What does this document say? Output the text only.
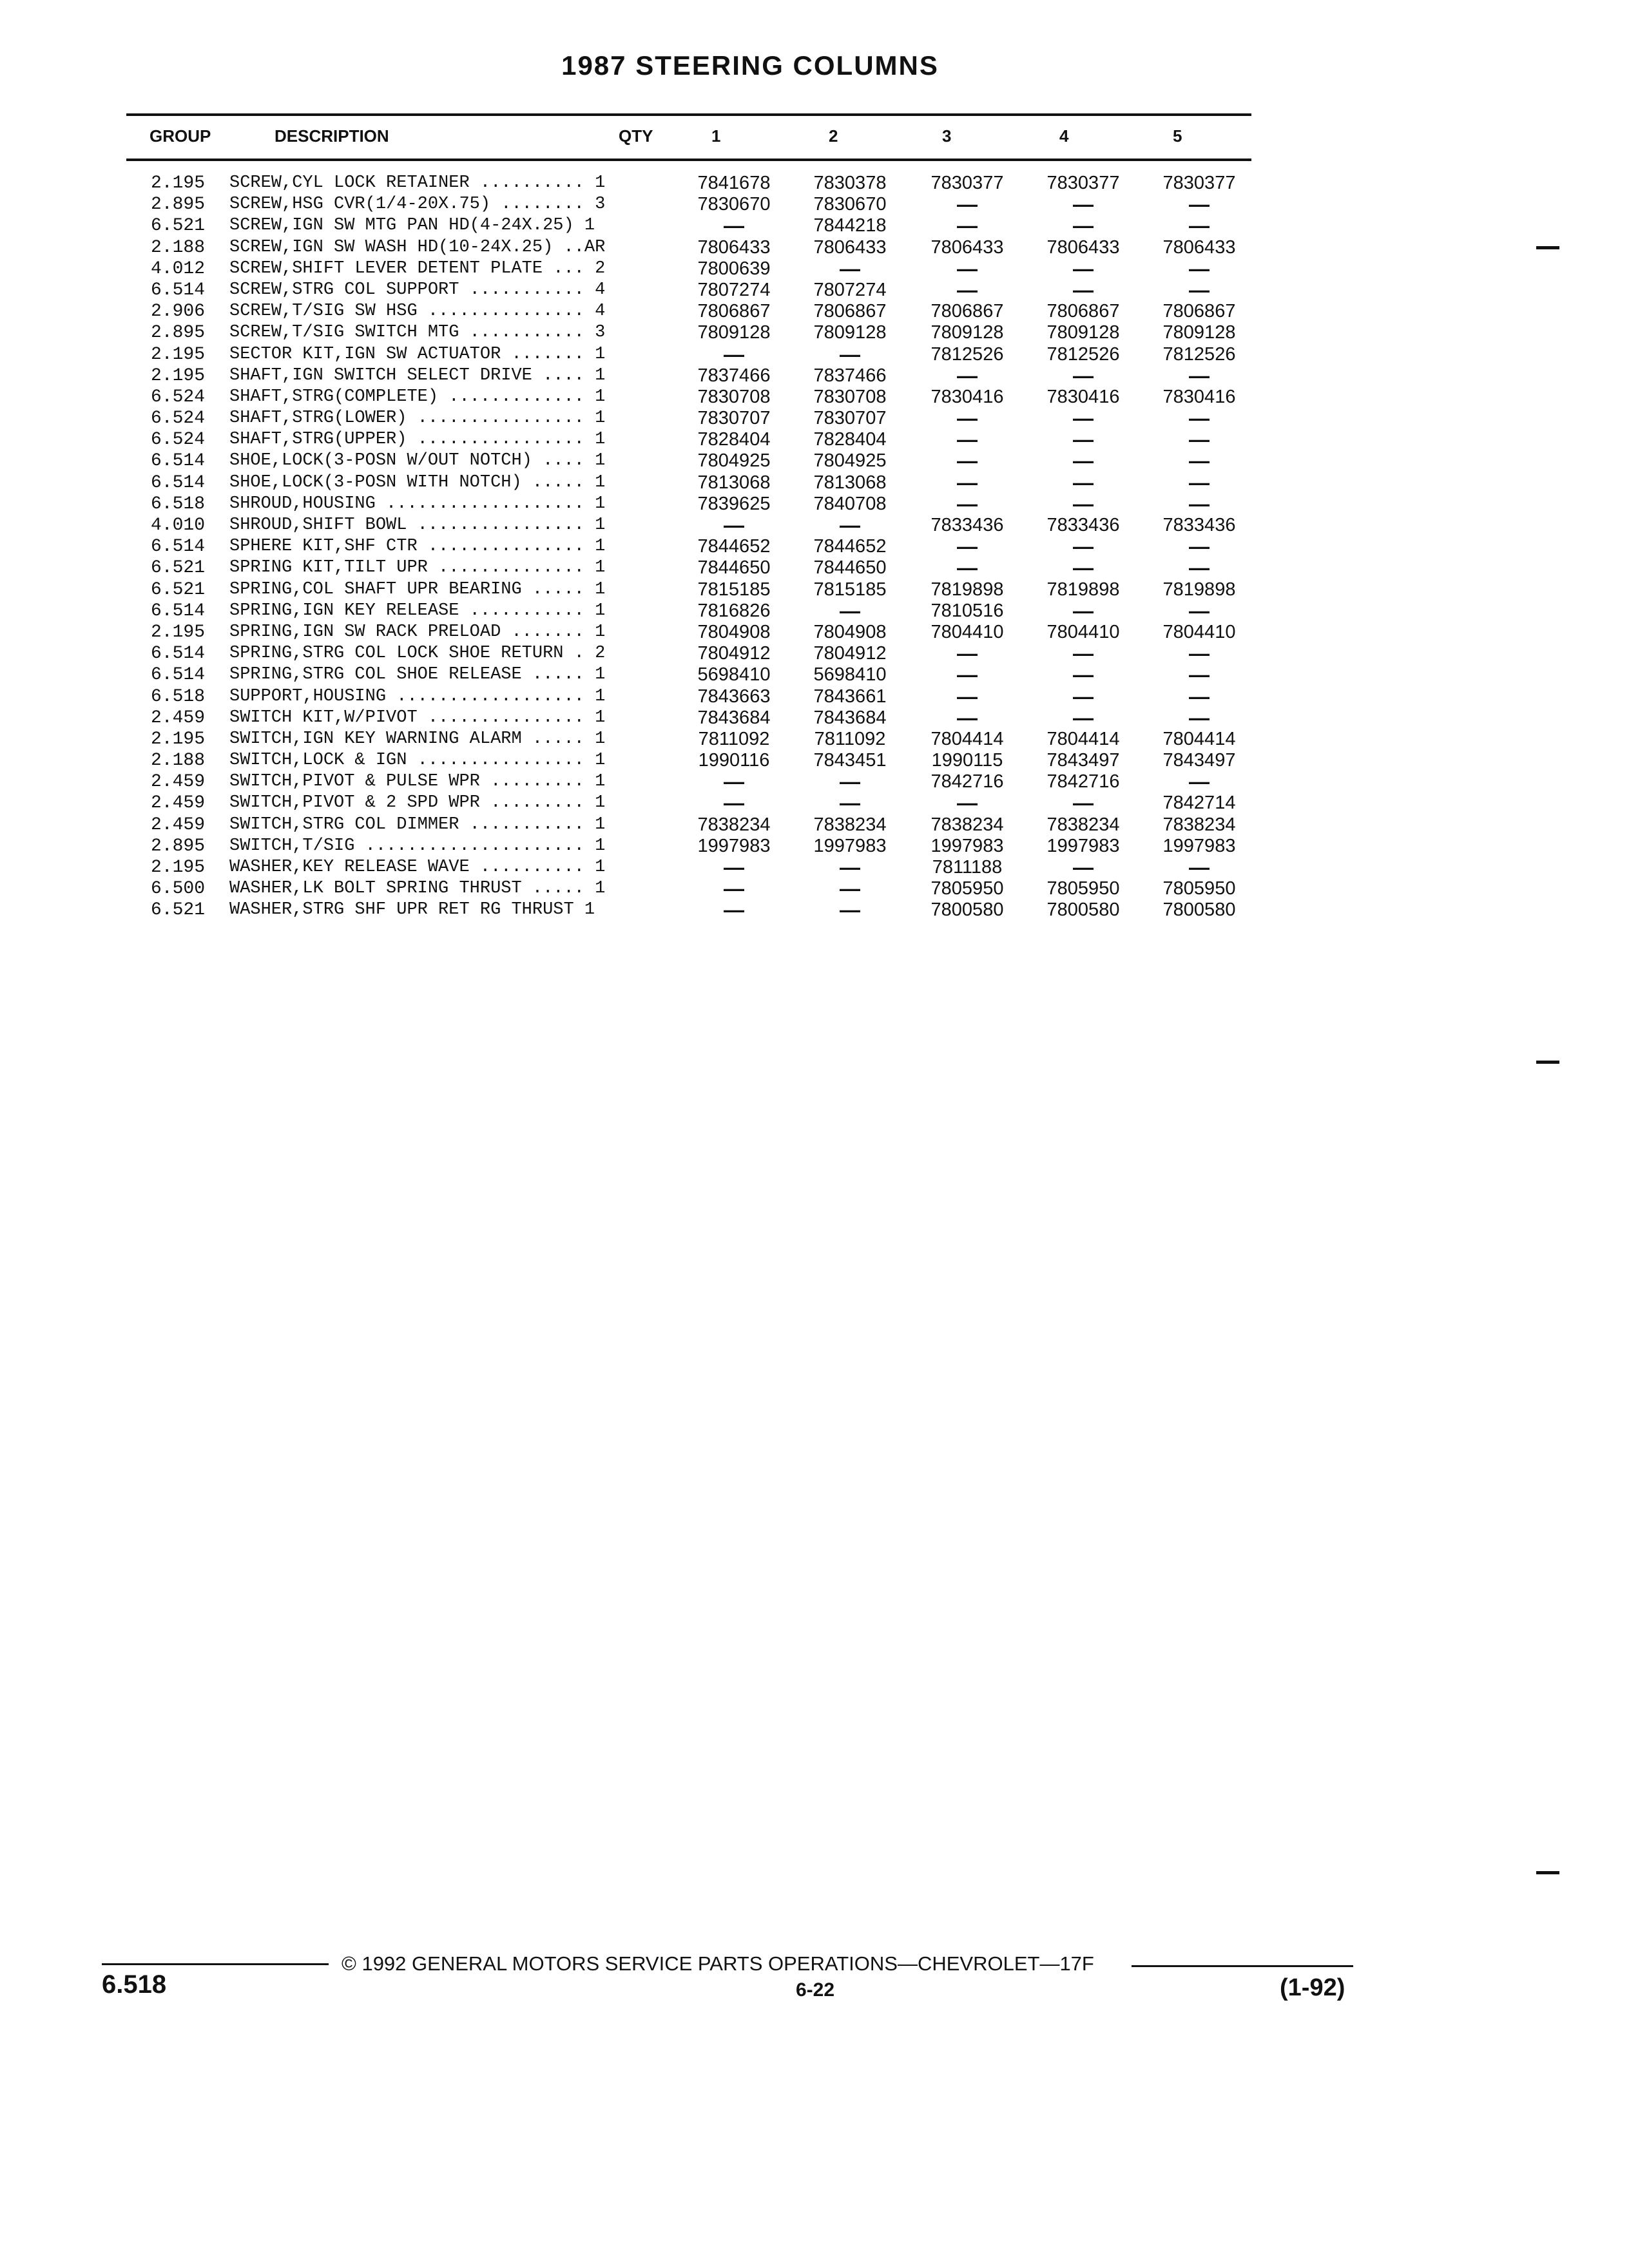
1987 STEERING COLUMNS
GROUP	DESCRIPTION	QTY	1	2	3	4	5
2.195 SCREW,CYL LOCK RETAINER .......... 1	7841678	7830378	7830377	7830377	7830377
2.895 SCREW,HSG CVR(1/4-20X.75) ........ 3	7830670	7830670	—	—	—
6.521 SCREW,IGN SW MTG PAN HD(4-24X.25) 1	—	7844218	—	—	—
2.188 SCREW,IGN SW WASH HD(10-24X.25) ..AR	7806433	7806433	7806433	7806433	7806433
4.012 SCREW,SHIFT LEVER DETENT PLATE ... 2	7800639	—	—	—	—
6.514 SCREW,STRG COL SUPPORT ........... 4	7807274	7807274	—	—	—
2.906 SCREW,T/SIG SW HSG ............... 4	7806867	7806867	7806867	7806867	7806867
2.895 SCREW,T/SIG SWITCH MTG ........... 3	7809128	7809128	7809128	7809128	7809128
2.195 SECTOR KIT,IGN SW ACTUATOR ....... 1	—	—	7812526	7812526	7812526
2.195 SHAFT,IGN SWITCH SELECT DRIVE .... 1	7837466	7837466	—	—	—
6.524 SHAFT,STRG(COMPLETE) ............. 1	7830708	7830708	7830416	7830416	7830416
6.524 SHAFT,STRG(LOWER) ................ 1	7830707	7830707	—	—	—
6.524 SHAFT,STRG(UPPER) ................ 1	7828404	7828404	—	—	—
6.514 SHOE,LOCK(3-POSN W/OUT NOTCH) .... 1	7804925	7804925	—	—	—
6.514 SHOE,LOCK(3-POSN WITH NOTCH) ..... 1	7813068	7813068	—	—	—
6.518 SHROUD,HOUSING ................... 1	7839625	7840708	—	—	—
4.010 SHROUD,SHIFT BOWL ................ 1	—	—	7833436	7833436	7833436
6.514 SPHERE KIT,SHF CTR ............... 1	7844652	7844652	—	—	—
6.521 SPRING KIT,TILT UPR .............. 1	7844650	7844650	—	—	—
6.521 SPRING,COL SHAFT UPR BEARING ..... 1	7815185	7815185	7819898	7819898	7819898
6.514 SPRING,IGN KEY RELEASE ........... 1	7816826	—	7810516	—	—
2.195 SPRING,IGN SW RACK PRELOAD ....... 1	7804908	7804908	7804410	7804410	7804410
6.514 SPRING,STRG COL LOCK SHOE RETURN . 2	7804912	7804912	—	—	—
6.514 SPRING,STRG COL SHOE RELEASE ..... 1	5698410	5698410	—	—	—
6.518 SUPPORT,HOUSING .................. 1	7843663	7843661	—	—	—
2.459 SWITCH KIT,W/PIVOT ............... 1	7843684	7843684	—	—	—
2.195 SWITCH,IGN KEY WARNING ALARM ..... 1	7811092	7811092	7804414	7804414	7804414
2.188 SWITCH,LOCK & IGN ................ 1	1990116	7843451	1990115	7843497	7843497
2.459 SWITCH,PIVOT & PULSE WPR ......... 1	—	—	7842716	7842716	—
2.459 SWITCH,PIVOT & 2 SPD WPR ......... 1	—	—	—	—	7842714
2.459 SWITCH,STRG COL DIMMER ........... 1	7838234	7838234	7838234	7838234	7838234
2.895 SWITCH,T/SIG ..................... 1	1997983	1997983	1997983	1997983	1997983
2.195 WASHER,KEY RELEASE WAVE .......... 1	—	—	7811188	—	—
6.500 WASHER,LK BOLT SPRING THRUST ..... 1	—	—	7805950	7805950	7805950
6.521 WASHER,STRG SHF UPR RET RG THRUST 1	—	—	7800580	7800580	7800580
© 1992 GENERAL MOTORS SERVICE PARTS OPERATIONS—CHEVROLET—17F
6.518	6-22	(1-92)
